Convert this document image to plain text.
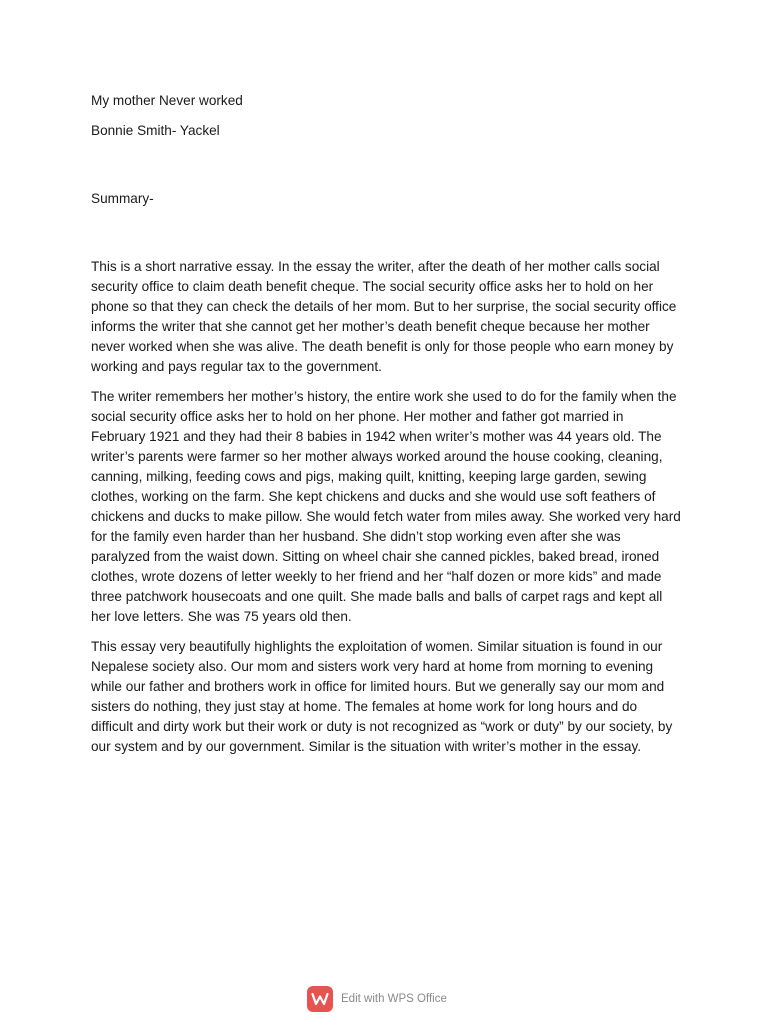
My mother Never worked

Bonnie Smith- Yackel

Summary-

This is a short narrative essay. In the essay the writer, after the death of her mother calls social security office to claim death benefit cheque. The social security office asks her to hold on her phone so that they can check the details of her mom. But to her surprise, the social security office informs the writer that she cannot get her mother’s death benefit cheque because her mother never worked when she was alive. The death benefit is only for those people who earn money by working and pays regular tax to the government.

The writer remembers her mother’s history, the entire work she used to do for the family when the social security office asks her to hold on her phone. Her mother and father got married in February 1921 and they had their 8 babies in 1942 when writer’s mother was 44 years old. The writer’s parents were farmer so her mother always worked around the house cooking, cleaning, canning, milking, feeding cows and pigs, making quilt, knitting, keeping large garden, sewing clothes, working on the farm. She kept chickens and ducks and she would use soft feathers of chickens and ducks to make pillow. She would fetch water from miles away. She worked very hard for the family even harder than her husband. She didn’t stop working even after she was paralyzed from the waist down. Sitting on wheel chair she canned pickles, baked bread, ironed clothes, wrote dozens of letter weekly to her friend and her “half dozen or more kids” and made three patchwork housecoats and one quilt. She made balls and balls of carpet rags and kept all her love letters. She was 75 years old then.

This essay very beautifully highlights the exploitation of women. Similar situation is found in our Nepalese society also. Our mom and sisters work very hard at home from morning to evening while our father and brothers work in office for limited hours. But we generally say our mom and sisters do nothing, they just stay at home. The females at home work for long hours and do difficult and dirty work but their work or duty is not recognized as “work or duty” by our society, by our system and by our government. Similar is the situation with writer’s mother in the essay.

Edit with WPS Office
